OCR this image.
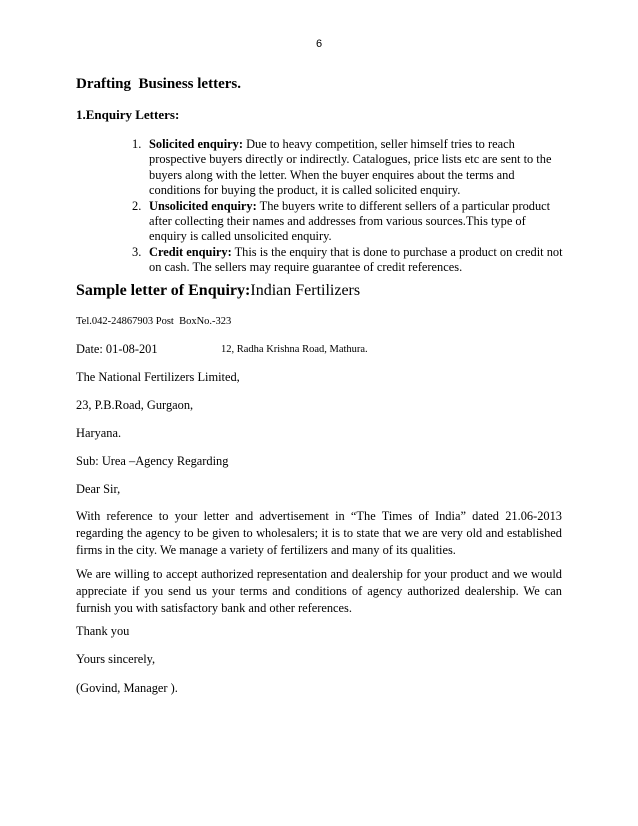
6
Drafting  Business letters.
1.Enquiry Letters:
1. Solicited enquiry: Due to heavy competition, seller himself tries to reach prospective buyers directly or indirectly. Catalogues, price lists etc are sent to the buyers along with the letter. When the buyer enquires about the terms and conditions for buying the product, it is called solicited enquiry.
2. Unsolicited enquiry: The buyers write to different sellers of a particular product after collecting their names and addresses from various sources.This type of enquiry is called unsolicited enquiry.
3. Credit enquiry: This is the enquiry that is done to purchase a product on credit not on cash. The sellers may require guarantee of credit references.
Sample letter of Enquiry:Indian Fertilizers
Tel.042-24867903 Post  BoxNo.-323
Date: 01-08-201	12, Radha Krishna Road, Mathura.
The National Fertilizers Limited,
23, P.B.Road, Gurgaon,
Haryana.
Sub: Urea –Agency Regarding
Dear Sir,
With reference to your letter and advertisement in “The Times of India” dated 21.06-2013 regarding the agency to be given to wholesalers; it is to state that we are very old and established firms in the city. We manage a variety of fertilizers and many of its qualities.
We are willing to accept authorized representation and dealership for your product and we would appreciate if you send us your terms and conditions of agency authorized dealership. We can furnish you with satisfactory bank and other references.
Thank you
Yours sincerely,
(Govind, Manager ).
